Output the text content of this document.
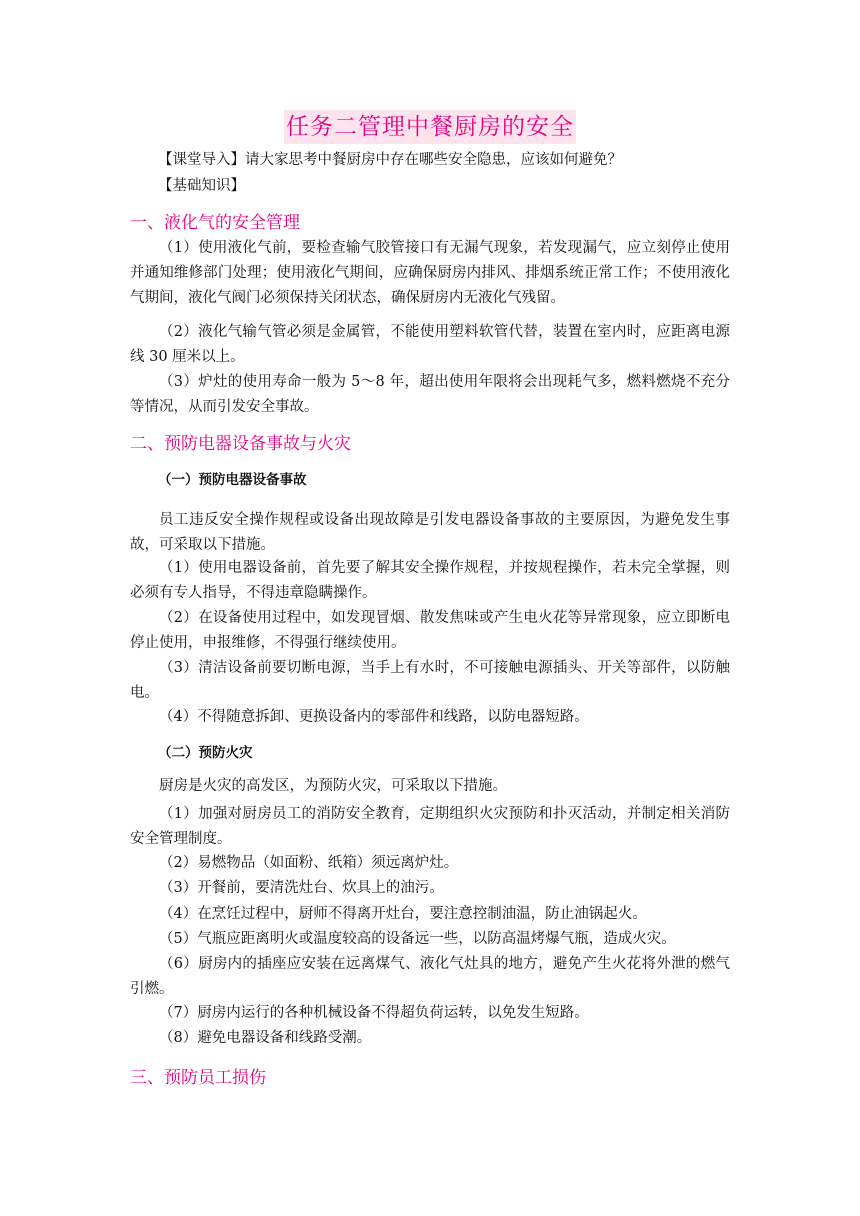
任务二管理中餐厨房的安全
【课堂导入】请大家思考中餐厨房中存在哪些安全隐患，应该如何避免？
【基础知识】
一、液化气的安全管理
（1）使用液化气前，要检查输气胶管接口有无漏气现象，若发现漏气，应立刻停止使用并通知维修部门处理；使用液化气期间，应确保厨房内排风、排烟系统正常工作；不使用液化气期间，液化气阀门必须保持关闭状态，确保厨房内无液化气残留。
（2）液化气输气管必须是金属管，不能使用塑料软管代替，装置在室内时，应距离电源线 30 厘米以上。
（3）炉灶的使用寿命一般为 5～8 年，超出使用年限将会出现耗气多，燃料燃烧不充分等情况，从而引发安全事故。
二、预防电器设备事故与火灾
（一）预防电器设备事故
员工违反安全操作规程或设备出现故障是引发电器设备事故的主要原因，为避免发生事故，可采取以下措施。
（1）使用电器设备前，首先要了解其安全操作规程，并按规程操作，若未完全掌握，则必须有专人指导，不得违章隐瞒操作。
（2）在设备使用过程中，如发现冒烟、散发焦味或产生电火花等异常现象，应立即断电停止使用，申报维修，不得强行继续使用。
（3）清洁设备前要切断电源，当手上有水时，不可接触电源插头、开关等部件，以防触电。
（4）不得随意拆卸、更换设备内的零部件和线路，以防电器短路。
（二）预防火灾
厨房是火灾的高发区，为预防火灾，可采取以下措施。
（1）加强对厨房员工的消防安全教育，定期组织火灾预防和扑灭活动，并制定相关消防安全管理制度。
（2）易燃物品（如面粉、纸箱）须远离炉灶。
（3）开餐前，要清洗灶台、炊具上的油污。
（4）在烹饪过程中，厨师不得离开灶台，要注意控制油温，防止油锅起火。
（5）气瓶应距离明火或温度较高的设备远一些，以防高温烤爆气瓶，造成火灾。
（6）厨房内的插座应安装在远离煤气、液化气灶具的地方，避免产生火花将外泄的燃气引燃。
（7）厨房内运行的各种机械设备不得超负荷运转，以免发生短路。
（8）避免电器设备和线路受潮。
三、预防员工损伤
